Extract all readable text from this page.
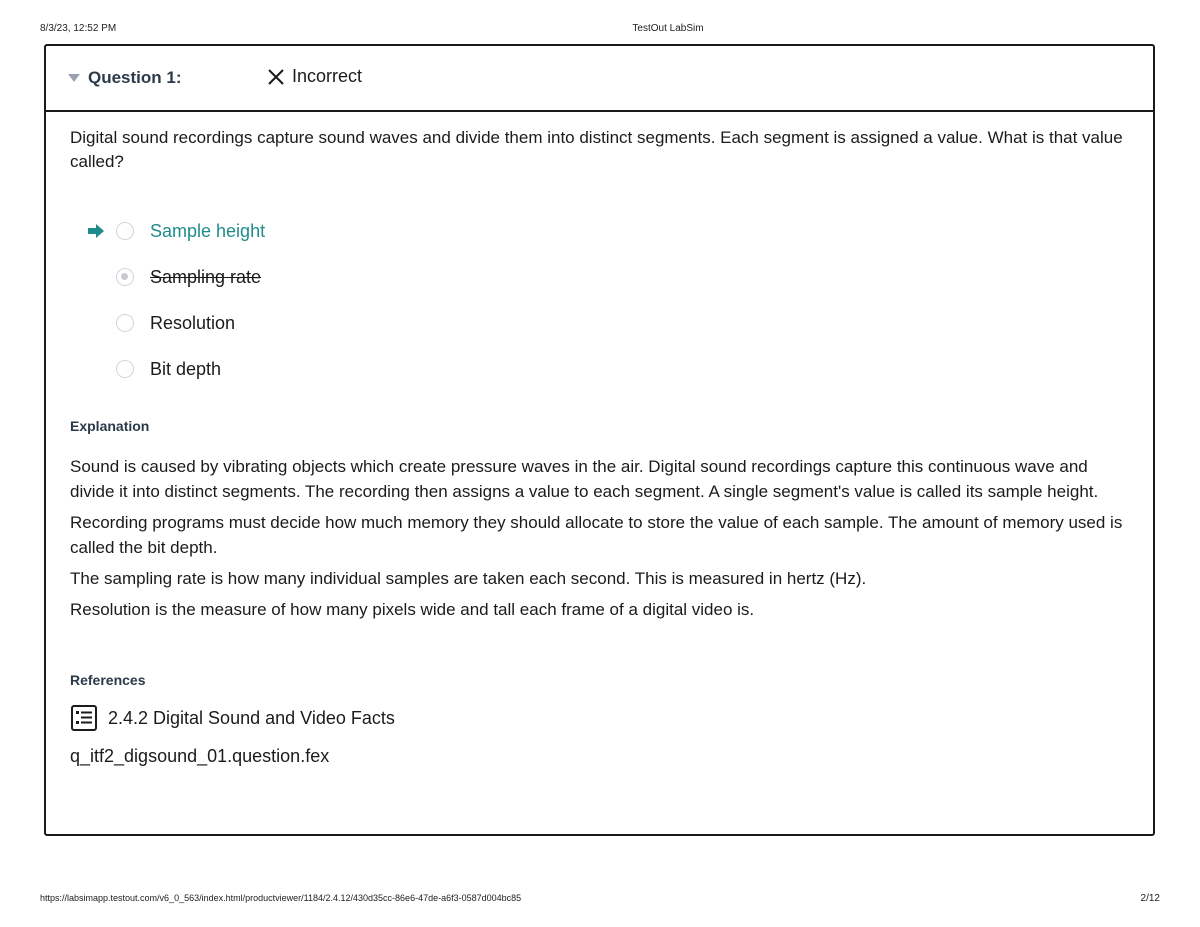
8/3/23, 12:52 PM	TestOut LabSim
Question 1:	Incorrect

Digital sound recordings capture sound waves and divide them into distinct segments. Each segment is assigned a value. What is that value called?

Sample height
Sampling rate
Resolution
Bit depth
Explanation

Sound is caused by vibrating objects which create pressure waves in the air. Digital sound recordings capture this continuous wave and divide it into distinct segments. The recording then assigns a value to each segment. A single segment's value is called its sample height.

Recording programs must decide how much memory they should allocate to store the value of each sample. The amount of memory used is called the bit depth.

The sampling rate is how many individual samples are taken each second. This is measured in hertz (Hz).

Resolution is the measure of how many pixels wide and tall each frame of a digital video is.

References
2.4.2 Digital Sound and Video Facts
q_itf2_digsound_01.question.fex
https://labsimapp.testout.com/v6_0_563/index.html/productviewer/1184/2.4.12/430d35cc-86e6-47de-a6f3-0587d004bc85	2/12
